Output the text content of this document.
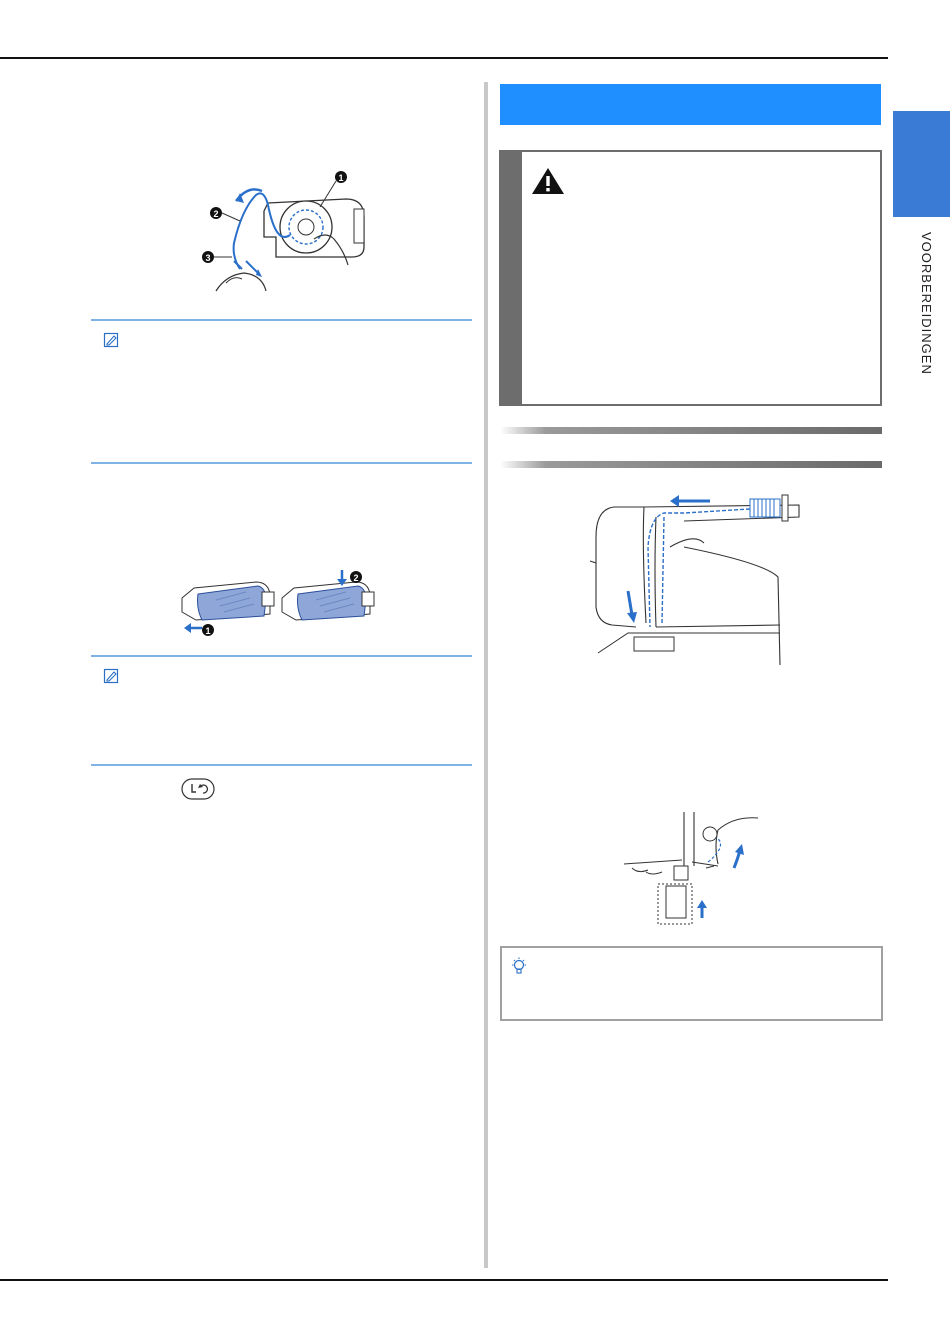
VOORBEREIDINGEN
1
2
3
1
2
